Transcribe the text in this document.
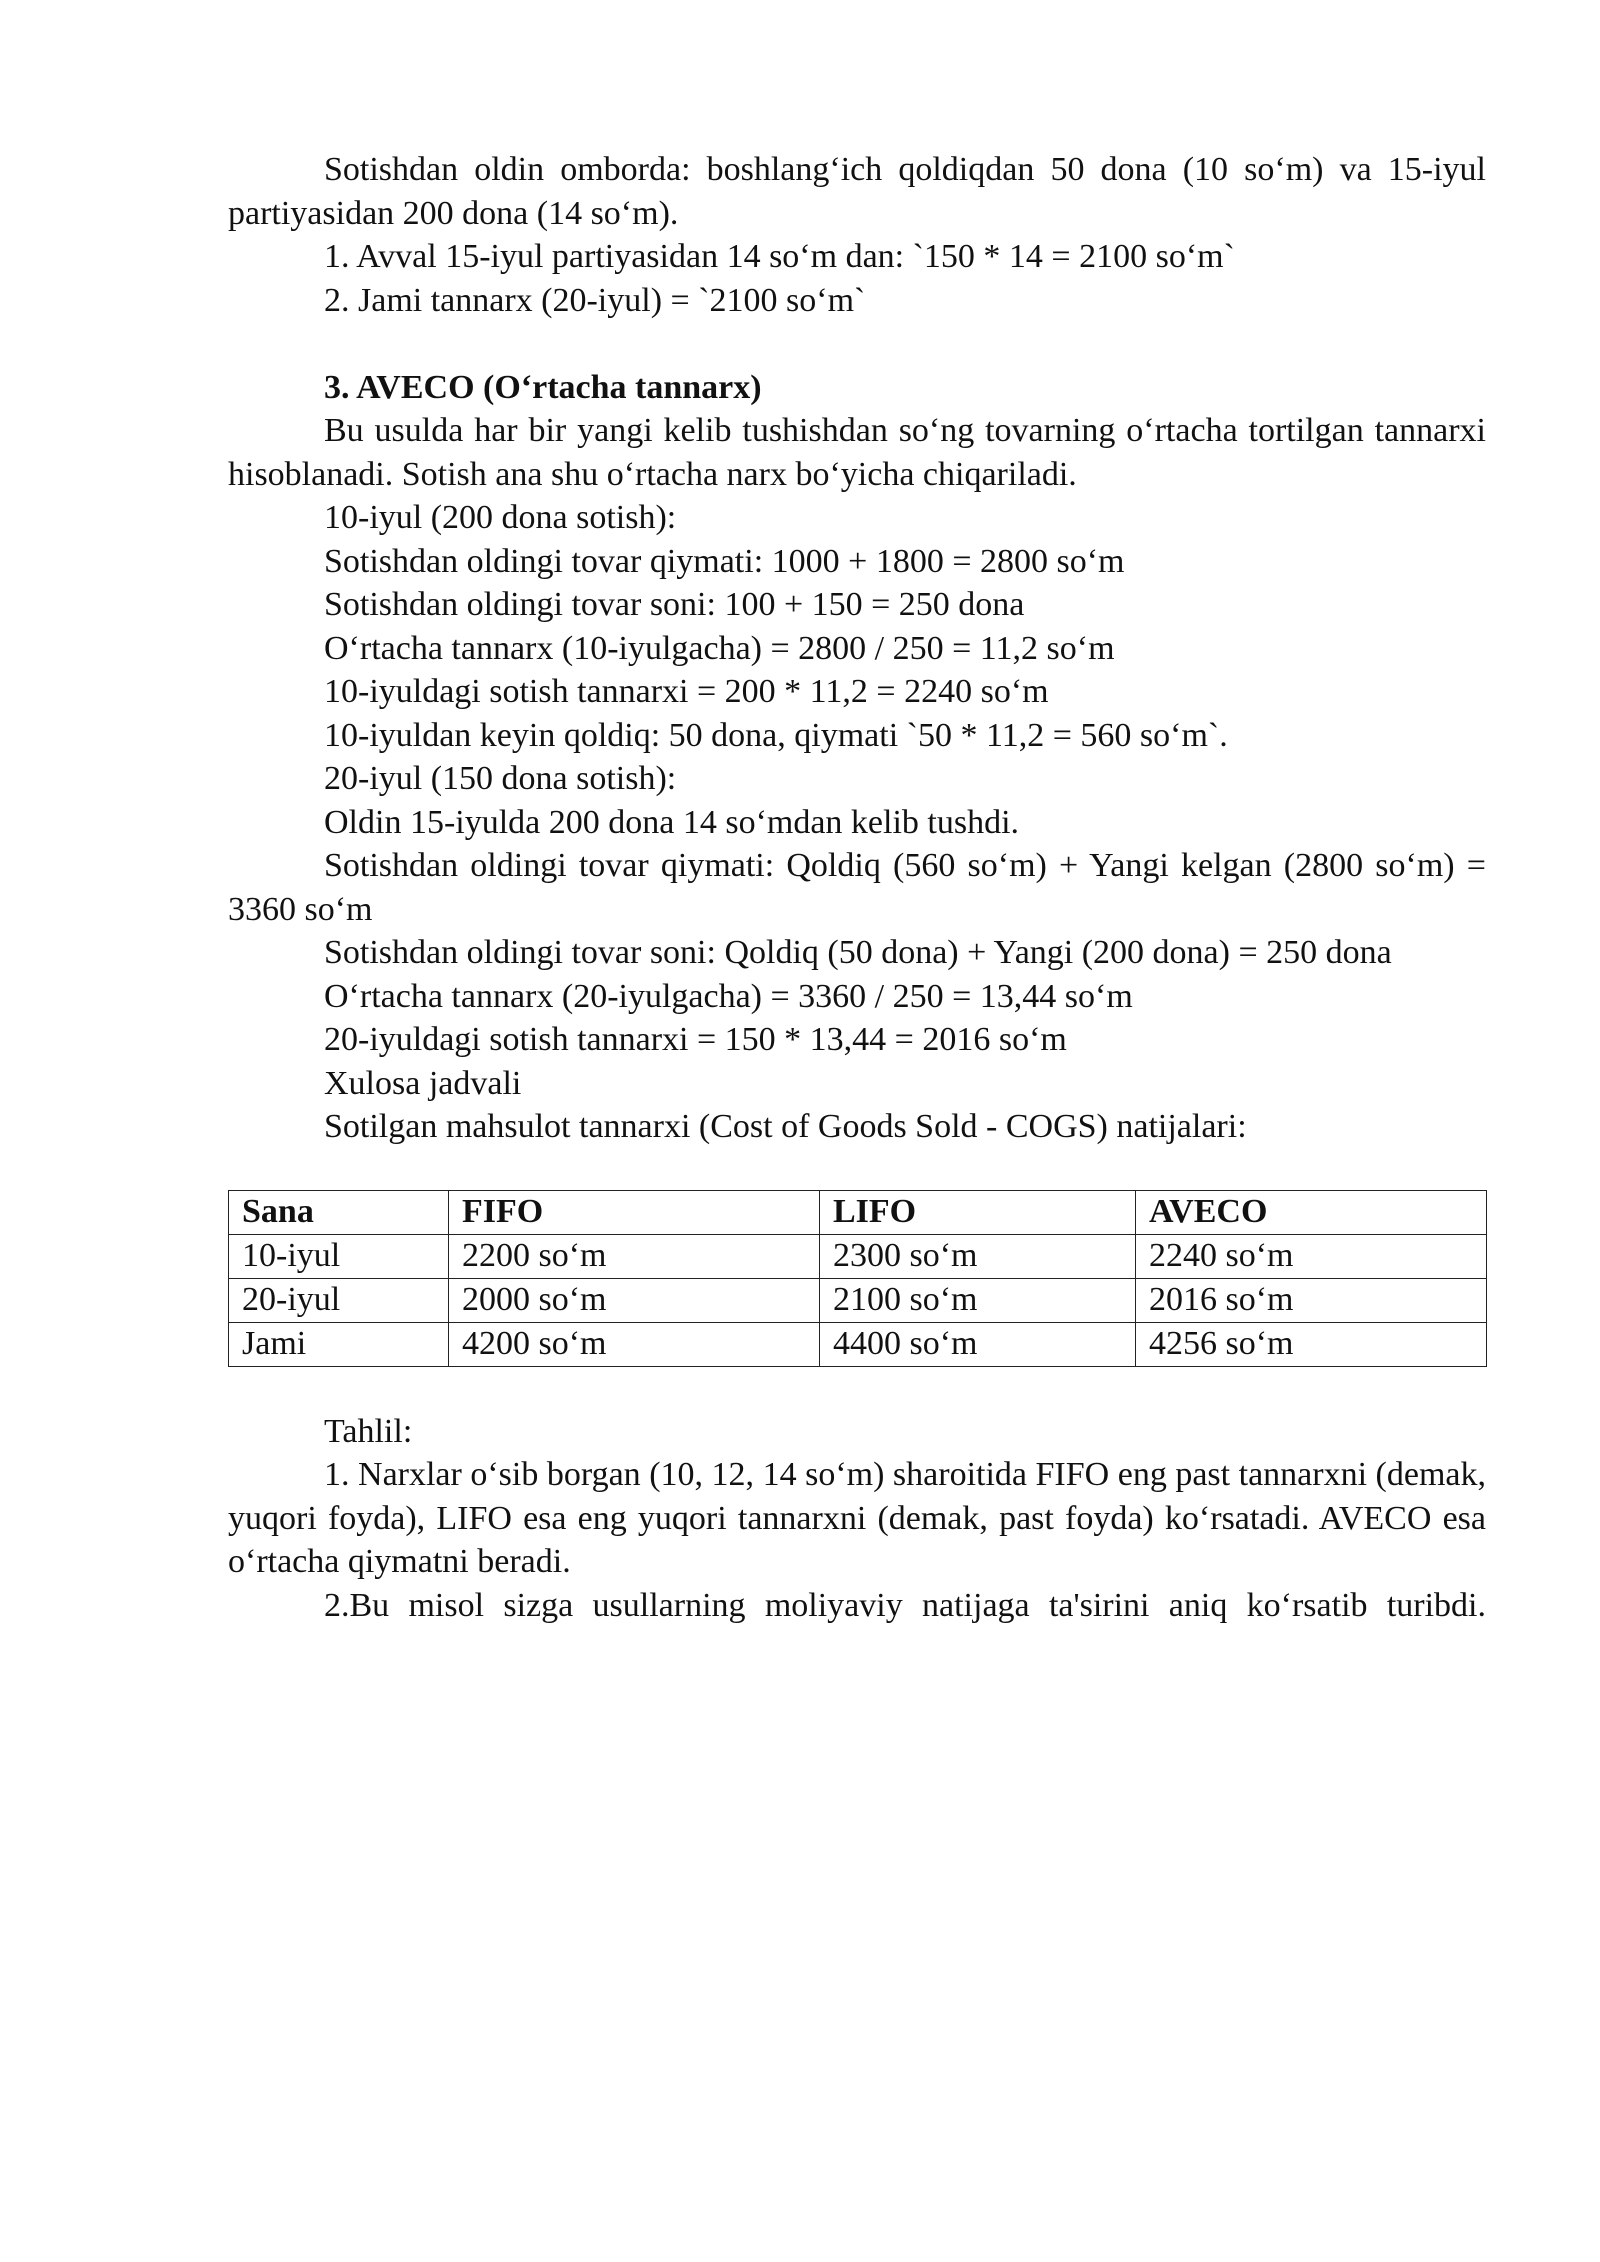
Sotishdan oldin omborda: boshlang‘ich qoldiqdan 50 dona (10 so‘m) va 15-iyul partiyasidan 200 dona (14 so‘m).

1. Avval 15-iyul partiyasidan 14 so‘m dan: `150 * 14 = 2100 so‘m`

2. Jami tannarx (20-iyul) = `2100 so‘m`

3. AVECO (O‘rtacha tannarx)

Bu usulda har bir yangi kelib tushishdan so‘ng tovarning o‘rtacha tortilgan tannarxi hisoblanadi. Sotish ana shu o‘rtacha narx bo‘yicha chiqariladi.

10-iyul (200 dona sotish):

Sotishdan oldingi tovar qiymati: 1000 + 1800 = 2800 so‘m

Sotishdan oldingi tovar soni: 100 + 150 = 250 dona

O‘rtacha tannarx (10-iyulgacha) = 2800 / 250 = 11,2 so‘m

10-iyuldagi sotish tannarxi = 200 * 11,2 = 2240 so‘m

10-iyuldan keyin qoldiq: 50 dona, qiymati `50 * 11,2 = 560 so‘m`.

20-iyul (150 dona sotish):

Oldin 15-iyulda 200 dona 14 so‘mdan kelib tushdi.

Sotishdan oldingi tovar qiymati: Qoldiq (560 so‘m) + Yangi kelgan (2800 so‘m) = 3360 so‘m

Sotishdan oldingi tovar soni: Qoldiq (50 dona) + Yangi (200 dona) = 250 dona

O‘rtacha tannarx (20-iyulgacha) = 3360 / 250 = 13,44 so‘m

20-iyuldagi sotish tannarxi = 150 * 13,44 = 2016 so‘m

Xulosa jadvali

Sotilgan mahsulot tannarxi (Cost of Goods Sold - COGS) natijalari:

Sana	FIFO	LIFO	AVECO
10-iyul	2200 so‘m	2300 so‘m	2240 so‘m
20-iyul	2000 so‘m	2100 so‘m	2016 so‘m
Jami	4200 so‘m	4400 so‘m	4256 so‘m

Tahlil:

1. Narxlar o‘sib borgan (10, 12, 14 so‘m) sharoitida FIFO eng past tannarxni (demak, yuqori foyda), LIFO esa eng yuqori tannarxni (demak, past foyda) ko‘rsatadi. AVECO esa o‘rtacha qiymatni beradi.

2.Bu misol sizga usullarning moliyaviy natijaga ta'sirini aniq ko‘rsatib turibdi.
